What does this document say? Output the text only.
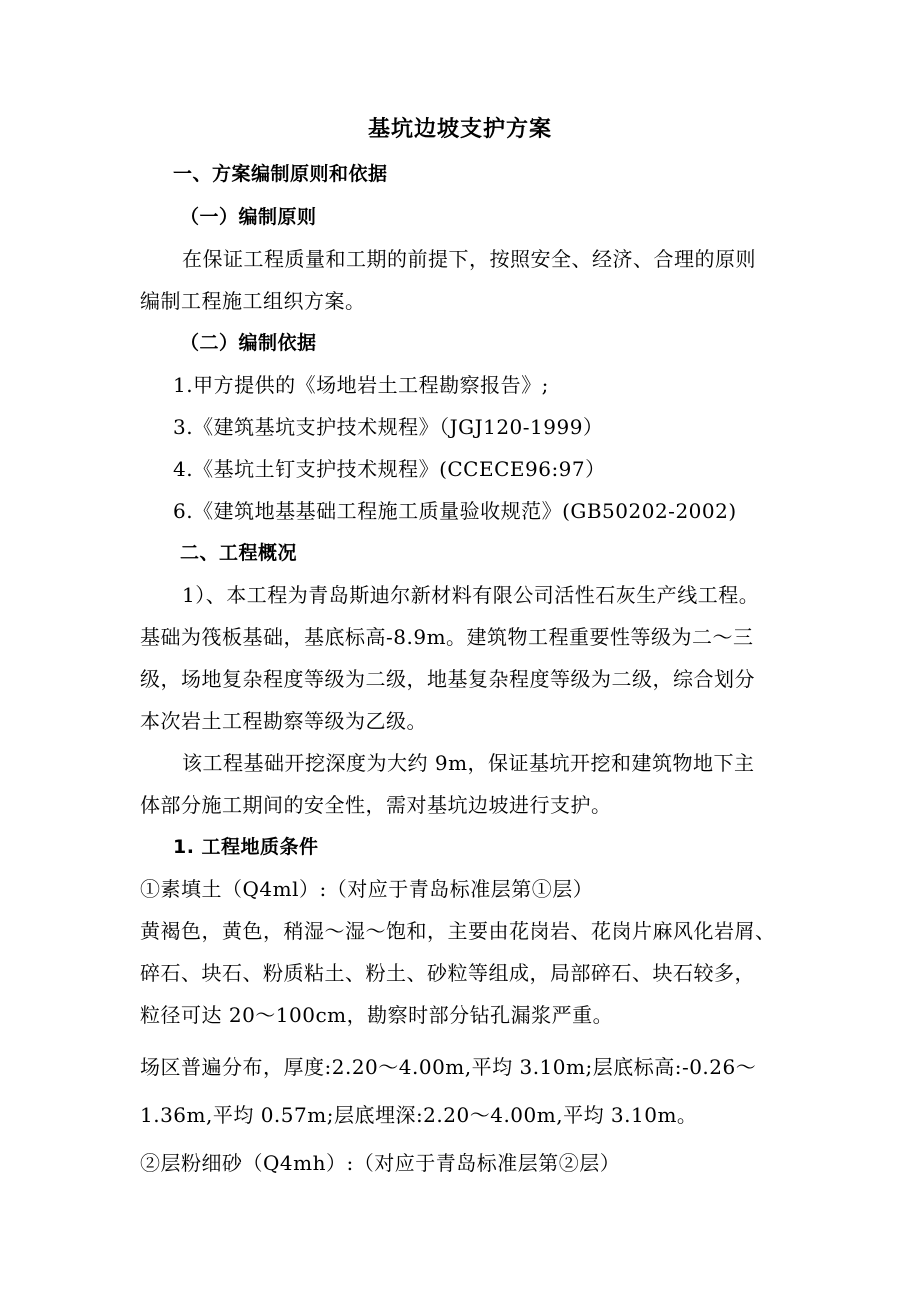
基坑边坡支护方案
一、方案编制原则和依据
（一）编制原则
在保证工程质量和工期的前提下，按照安全、经济、合理的原则
编制工程施工组织方案。
（二）编制依据
1.甲方提供的《场地岩土工程勘察报告》;
3.《建筑基坑支护技术规程》（JGJ120-1999）
4.《基坑土钉支护技术规程》(CCECE96:97）
6.《建筑地基基础工程施工质量验收规范》(GB50202-2002)
二、工程概况
1）、本工程为青岛斯迪尔新材料有限公司活性石灰生产线工程。
基础为筏板基础，基底标高-8.9m。建筑物工程重要性等级为二～三
级，场地复杂程度等级为二级，地基复杂程度等级为二级，综合划分
本次岩土工程勘察等级为乙级。
该工程基础开挖深度为大约 9m，保证基坑开挖和建筑物地下主
体部分施工期间的安全性，需对基坑边坡进行支护。
1. 工程地质条件
①素填土（Q4ml）:（对应于青岛标准层第①层）
黄褐色，黄色，稍湿～湿～饱和，主要由花岗岩、花岗片麻风化岩屑、
碎石、块石、粉质粘土、粉土、砂粒等组成，局部碎石、块石较多，
粒径可达 20～100cm，勘察时部分钻孔漏浆严重。
场区普遍分布，厚度:2.20～4.00m,平均 3.10m;层底标高:-0.26～
1.36m,平均 0.57m;层底埋深:2.20～4.00m,平均 3.10m。
②层粉细砂（Q4mh）:（对应于青岛标准层第②层）
